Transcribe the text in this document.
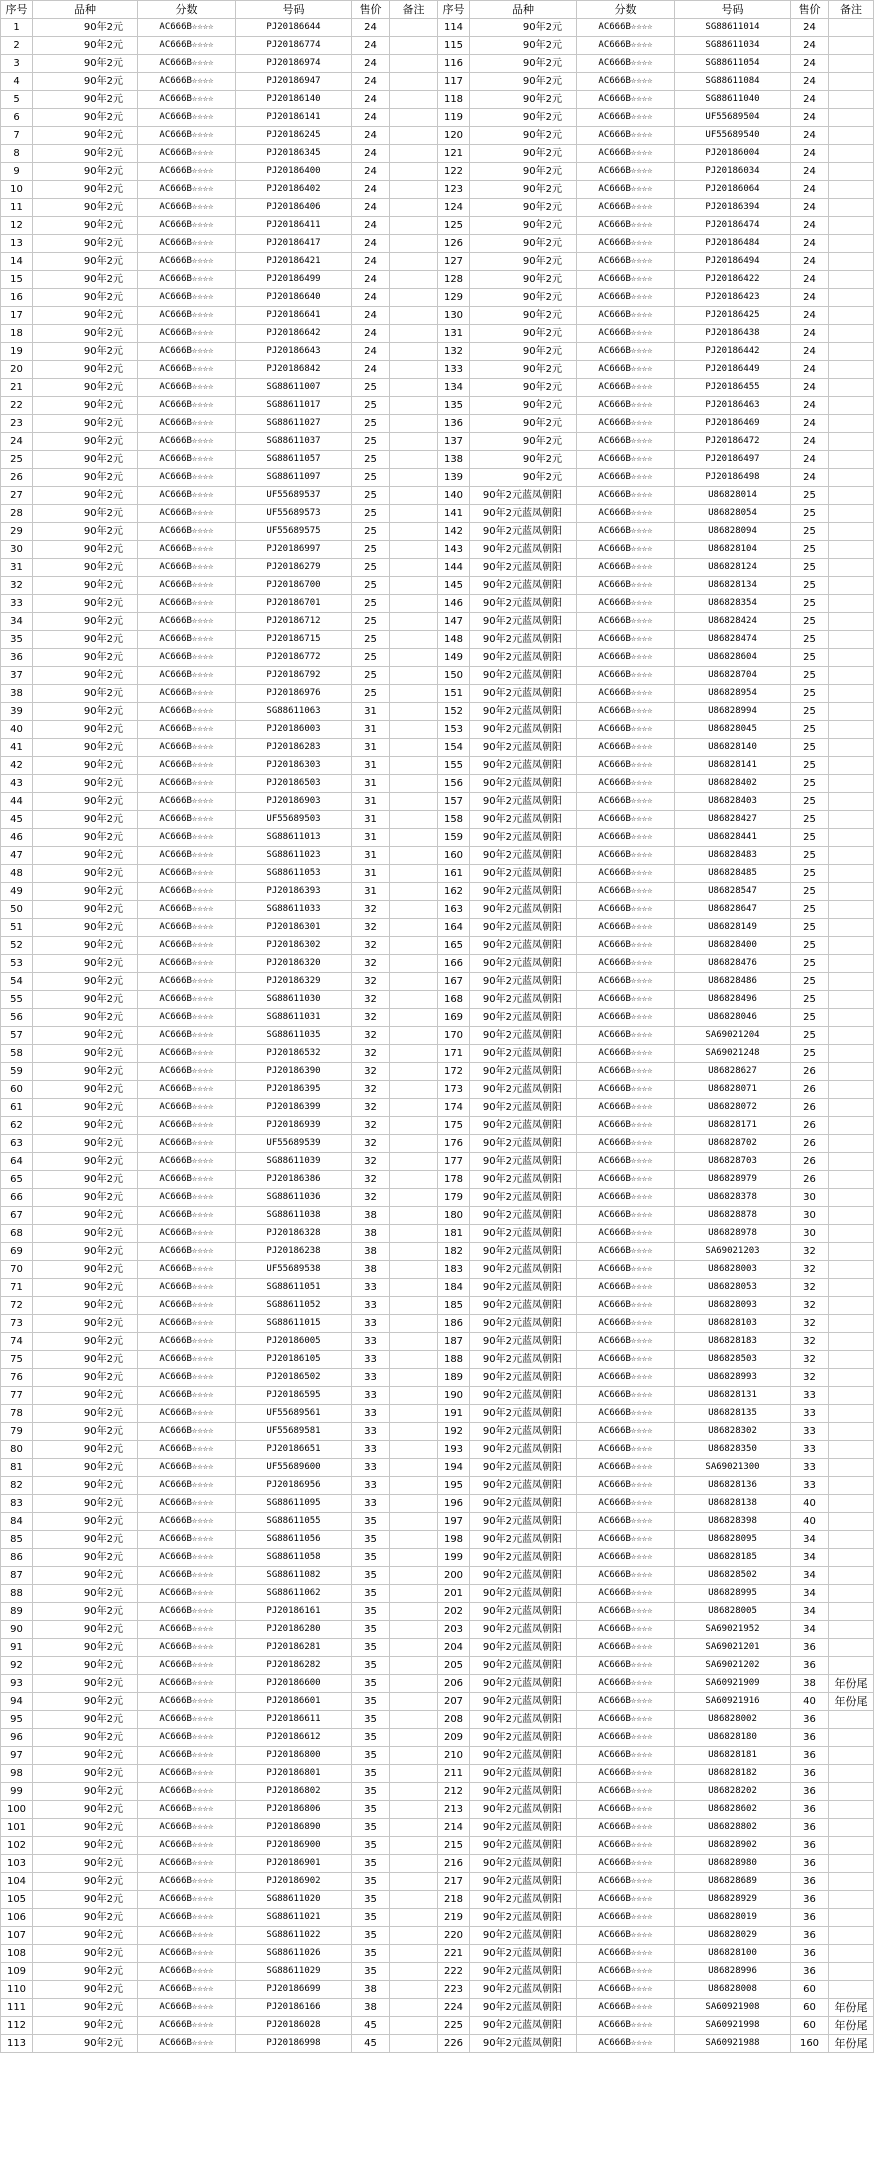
序号	品种	分数	号码	售价	备注	序号	品种	分数	号码	售价	备注
1	90年2元	AC666B☆☆☆☆	PJ20186644	24		114	90年2元	AC666B☆☆☆☆	SG88611014	24	
2	90年2元	AC666B☆☆☆☆	PJ20186774	24		115	90年2元	AC666B☆☆☆☆	SG88611034	24	
3	90年2元	AC666B☆☆☆☆	PJ20186974	24		116	90年2元	AC666B☆☆☆☆	SG88611054	24	
4	90年2元	AC666B☆☆☆☆	PJ20186947	24		117	90年2元	AC666B☆☆☆☆	SG88611084	24	
5	90年2元	AC666B☆☆☆☆	PJ20186140	24		118	90年2元	AC666B☆☆☆☆	SG88611040	24	
6	90年2元	AC666B☆☆☆☆	PJ20186141	24		119	90年2元	AC666B☆☆☆☆	UF55689504	24	
7	90年2元	AC666B☆☆☆☆	PJ20186245	24		120	90年2元	AC666B☆☆☆☆	UF55689540	24	
8	90年2元	AC666B☆☆☆☆	PJ20186345	24		121	90年2元	AC666B☆☆☆☆	PJ20186004	24	
9	90年2元	AC666B☆☆☆☆	PJ20186400	24		122	90年2元	AC666B☆☆☆☆	PJ20186034	24	
10	90年2元	AC666B☆☆☆☆	PJ20186402	24		123	90年2元	AC666B☆☆☆☆	PJ20186064	24	
11	90年2元	AC666B☆☆☆☆	PJ20186406	24		124	90年2元	AC666B☆☆☆☆	PJ20186394	24	
12	90年2元	AC666B☆☆☆☆	PJ20186411	24		125	90年2元	AC666B☆☆☆☆	PJ20186474	24	
13	90年2元	AC666B☆☆☆☆	PJ20186417	24		126	90年2元	AC666B☆☆☆☆	PJ20186484	24	
14	90年2元	AC666B☆☆☆☆	PJ20186421	24		127	90年2元	AC666B☆☆☆☆	PJ20186494	24	
15	90年2元	AC666B☆☆☆☆	PJ20186499	24		128	90年2元	AC666B☆☆☆☆	PJ20186422	24	
16	90年2元	AC666B☆☆☆☆	PJ20186640	24		129	90年2元	AC666B☆☆☆☆	PJ20186423	24	
17	90年2元	AC666B☆☆☆☆	PJ20186641	24		130	90年2元	AC666B☆☆☆☆	PJ20186425	24	
18	90年2元	AC666B☆☆☆☆	PJ20186642	24		131	90年2元	AC666B☆☆☆☆	PJ20186438	24	
19	90年2元	AC666B☆☆☆☆	PJ20186643	24		132	90年2元	AC666B☆☆☆☆	PJ20186442	24	
20	90年2元	AC666B☆☆☆☆	PJ20186842	24		133	90年2元	AC666B☆☆☆☆	PJ20186449	24	
21	90年2元	AC666B☆☆☆☆	SG88611007	25		134	90年2元	AC666B☆☆☆☆	PJ20186455	24	
22	90年2元	AC666B☆☆☆☆	SG88611017	25		135	90年2元	AC666B☆☆☆☆	PJ20186463	24	
23	90年2元	AC666B☆☆☆☆	SG88611027	25		136	90年2元	AC666B☆☆☆☆	PJ20186469	24	
24	90年2元	AC666B☆☆☆☆	SG88611037	25		137	90年2元	AC666B☆☆☆☆	PJ20186472	24	
25	90年2元	AC666B☆☆☆☆	SG88611057	25		138	90年2元	AC666B☆☆☆☆	PJ20186497	24	
26	90年2元	AC666B☆☆☆☆	SG88611097	25		139	90年2元	AC666B☆☆☆☆	PJ20186498	24	
27	90年2元	AC666B☆☆☆☆	UF55689537	25		140	90年2元蓝凤朝阳	AC666B☆☆☆☆	U86828014	25	
28	90年2元	AC666B☆☆☆☆	UF55689573	25		141	90年2元蓝凤朝阳	AC666B☆☆☆☆	U86828054	25	
29	90年2元	AC666B☆☆☆☆	UF55689575	25		142	90年2元蓝凤朝阳	AC666B☆☆☆☆	U86828094	25	
30	90年2元	AC666B☆☆☆☆	PJ20186997	25		143	90年2元蓝凤朝阳	AC666B☆☆☆☆	U86828104	25	
31	90年2元	AC666B☆☆☆☆	PJ20186279	25		144	90年2元蓝凤朝阳	AC666B☆☆☆☆	U86828124	25	
32	90年2元	AC666B☆☆☆☆	PJ20186700	25		145	90年2元蓝凤朝阳	AC666B☆☆☆☆	U86828134	25	
33	90年2元	AC666B☆☆☆☆	PJ20186701	25		146	90年2元蓝凤朝阳	AC666B☆☆☆☆	U86828354	25	
34	90年2元	AC666B☆☆☆☆	PJ20186712	25		147	90年2元蓝凤朝阳	AC666B☆☆☆☆	U86828424	25	
35	90年2元	AC666B☆☆☆☆	PJ20186715	25		148	90年2元蓝凤朝阳	AC666B☆☆☆☆	U86828474	25	
36	90年2元	AC666B☆☆☆☆	PJ20186772	25		149	90年2元蓝凤朝阳	AC666B☆☆☆☆	U86828604	25	
37	90年2元	AC666B☆☆☆☆	PJ20186792	25		150	90年2元蓝凤朝阳	AC666B☆☆☆☆	U86828704	25	
38	90年2元	AC666B☆☆☆☆	PJ20186976	25		151	90年2元蓝凤朝阳	AC666B☆☆☆☆	U86828954	25	
39	90年2元	AC666B☆☆☆☆	SG88611063	31		152	90年2元蓝凤朝阳	AC666B☆☆☆☆	U86828994	25	
40	90年2元	AC666B☆☆☆☆	PJ20186003	31		153	90年2元蓝凤朝阳	AC666B☆☆☆☆	U86828045	25	
41	90年2元	AC666B☆☆☆☆	PJ20186283	31		154	90年2元蓝凤朝阳	AC666B☆☆☆☆	U86828140	25	
42	90年2元	AC666B☆☆☆☆	PJ20186303	31		155	90年2元蓝凤朝阳	AC666B☆☆☆☆	U86828141	25	
43	90年2元	AC666B☆☆☆☆	PJ20186503	31		156	90年2元蓝凤朝阳	AC666B☆☆☆☆	U86828402	25	
44	90年2元	AC666B☆☆☆☆	PJ20186903	31		157	90年2元蓝凤朝阳	AC666B☆☆☆☆	U86828403	25	
45	90年2元	AC666B☆☆☆☆	UF55689503	31		158	90年2元蓝凤朝阳	AC666B☆☆☆☆	U86828427	25	
46	90年2元	AC666B☆☆☆☆	SG88611013	31		159	90年2元蓝凤朝阳	AC666B☆☆☆☆	U86828441	25	
47	90年2元	AC666B☆☆☆☆	SG88611023	31		160	90年2元蓝凤朝阳	AC666B☆☆☆☆	U86828483	25	
48	90年2元	AC666B☆☆☆☆	SG88611053	31		161	90年2元蓝凤朝阳	AC666B☆☆☆☆	U86828485	25	
49	90年2元	AC666B☆☆☆☆	PJ20186393	31		162	90年2元蓝凤朝阳	AC666B☆☆☆☆	U86828547	25	
50	90年2元	AC666B☆☆☆☆	SG88611033	32		163	90年2元蓝凤朝阳	AC666B☆☆☆☆	U86828647	25	
51	90年2元	AC666B☆☆☆☆	PJ20186301	32		164	90年2元蓝凤朝阳	AC666B☆☆☆☆	U86828149	25	
52	90年2元	AC666B☆☆☆☆	PJ20186302	32		165	90年2元蓝凤朝阳	AC666B☆☆☆☆	U86828400	25	
53	90年2元	AC666B☆☆☆☆	PJ20186320	32		166	90年2元蓝凤朝阳	AC666B☆☆☆☆	U86828476	25	
54	90年2元	AC666B☆☆☆☆	PJ20186329	32		167	90年2元蓝凤朝阳	AC666B☆☆☆☆	U86828486	25	
55	90年2元	AC666B☆☆☆☆	SG88611030	32		168	90年2元蓝凤朝阳	AC666B☆☆☆☆	U86828496	25	
56	90年2元	AC666B☆☆☆☆	SG88611031	32		169	90年2元蓝凤朝阳	AC666B☆☆☆☆	U86828046	25	
57	90年2元	AC666B☆☆☆☆	SG88611035	32		170	90年2元蓝凤朝阳	AC666B☆☆☆☆	SA69021204	25	
58	90年2元	AC666B☆☆☆☆	PJ20186532	32		171	90年2元蓝凤朝阳	AC666B☆☆☆☆	SA69021248	25	
59	90年2元	AC666B☆☆☆☆	PJ20186390	32		172	90年2元蓝凤朝阳	AC666B☆☆☆☆	U86828627	26	
60	90年2元	AC666B☆☆☆☆	PJ20186395	32		173	90年2元蓝凤朝阳	AC666B☆☆☆☆	U86828071	26	
61	90年2元	AC666B☆☆☆☆	PJ20186399	32		174	90年2元蓝凤朝阳	AC666B☆☆☆☆	U86828072	26	
62	90年2元	AC666B☆☆☆☆	PJ20186939	32		175	90年2元蓝凤朝阳	AC666B☆☆☆☆	U86828171	26	
63	90年2元	AC666B☆☆☆☆	UF55689539	32		176	90年2元蓝凤朝阳	AC666B☆☆☆☆	U86828702	26	
64	90年2元	AC666B☆☆☆☆	SG88611039	32		177	90年2元蓝凤朝阳	AC666B☆☆☆☆	U86828703	26	
65	90年2元	AC666B☆☆☆☆	PJ20186386	32		178	90年2元蓝凤朝阳	AC666B☆☆☆☆	U86828979	26	
66	90年2元	AC666B☆☆☆☆	SG88611036	32		179	90年2元蓝凤朝阳	AC666B☆☆☆☆	U86828378	30	
67	90年2元	AC666B☆☆☆☆	SG88611038	38		180	90年2元蓝凤朝阳	AC666B☆☆☆☆	U86828878	30	
68	90年2元	AC666B☆☆☆☆	PJ20186328	38		181	90年2元蓝凤朝阳	AC666B☆☆☆☆	U86828978	30	
69	90年2元	AC666B☆☆☆☆	PJ20186238	38		182	90年2元蓝凤朝阳	AC666B☆☆☆☆	SA69021203	32	
70	90年2元	AC666B☆☆☆☆	UF55689538	38		183	90年2元蓝凤朝阳	AC666B☆☆☆☆	U86828003	32	
71	90年2元	AC666B☆☆☆☆	SG88611051	33		184	90年2元蓝凤朝阳	AC666B☆☆☆☆	U86828053	32	
72	90年2元	AC666B☆☆☆☆	SG88611052	33		185	90年2元蓝凤朝阳	AC666B☆☆☆☆	U86828093	32	
73	90年2元	AC666B☆☆☆☆	SG88611015	33		186	90年2元蓝凤朝阳	AC666B☆☆☆☆	U86828103	32	
74	90年2元	AC666B☆☆☆☆	PJ20186005	33		187	90年2元蓝凤朝阳	AC666B☆☆☆☆	U86828183	32	
75	90年2元	AC666B☆☆☆☆	PJ20186105	33		188	90年2元蓝凤朝阳	AC666B☆☆☆☆	U86828503	32	
76	90年2元	AC666B☆☆☆☆	PJ20186502	33		189	90年2元蓝凤朝阳	AC666B☆☆☆☆	U86828993	32	
77	90年2元	AC666B☆☆☆☆	PJ20186595	33		190	90年2元蓝凤朝阳	AC666B☆☆☆☆	U86828131	33	
78	90年2元	AC666B☆☆☆☆	UF55689561	33		191	90年2元蓝凤朝阳	AC666B☆☆☆☆	U86828135	33	
79	90年2元	AC666B☆☆☆☆	UF55689581	33		192	90年2元蓝凤朝阳	AC666B☆☆☆☆	U86828302	33	
80	90年2元	AC666B☆☆☆☆	PJ20186651	33		193	90年2元蓝凤朝阳	AC666B☆☆☆☆	U86828350	33	
81	90年2元	AC666B☆☆☆☆	UF55689600	33		194	90年2元蓝凤朝阳	AC666B☆☆☆☆	SA69021300	33	
82	90年2元	AC666B☆☆☆☆	PJ20186956	33		195	90年2元蓝凤朝阳	AC666B☆☆☆☆	U86828136	33	
83	90年2元	AC666B☆☆☆☆	SG88611095	33		196	90年2元蓝凤朝阳	AC666B☆☆☆☆	U86828138	40	
84	90年2元	AC666B☆☆☆☆	SG88611055	35		197	90年2元蓝凤朝阳	AC666B☆☆☆☆	U86828398	40	
85	90年2元	AC666B☆☆☆☆	SG88611056	35		198	90年2元蓝凤朝阳	AC666B☆☆☆☆	U86828095	34	
86	90年2元	AC666B☆☆☆☆	SG88611058	35		199	90年2元蓝凤朝阳	AC666B☆☆☆☆	U86828185	34	
87	90年2元	AC666B☆☆☆☆	SG88611082	35		200	90年2元蓝凤朝阳	AC666B☆☆☆☆	U86828502	34	
88	90年2元	AC666B☆☆☆☆	SG88611062	35		201	90年2元蓝凤朝阳	AC666B☆☆☆☆	U86828995	34	
89	90年2元	AC666B☆☆☆☆	PJ20186161	35		202	90年2元蓝凤朝阳	AC666B☆☆☆☆	U86828005	34	
90	90年2元	AC666B☆☆☆☆	PJ20186280	35		203	90年2元蓝凤朝阳	AC666B☆☆☆☆	SA69021952	34	
91	90年2元	AC666B☆☆☆☆	PJ20186281	35		204	90年2元蓝凤朝阳	AC666B☆☆☆☆	SA69021201	36	
92	90年2元	AC666B☆☆☆☆	PJ20186282	35		205	90年2元蓝凤朝阳	AC666B☆☆☆☆	SA69021202	36	
93	90年2元	AC666B☆☆☆☆	PJ20186600	35		206	90年2元蓝凤朝阳	AC666B☆☆☆☆	SA60921909	38	年份尾
94	90年2元	AC666B☆☆☆☆	PJ20186601	35		207	90年2元蓝凤朝阳	AC666B☆☆☆☆	SA60921916	40	年份尾
95	90年2元	AC666B☆☆☆☆	PJ20186611	35		208	90年2元蓝凤朝阳	AC666B☆☆☆☆	U86828002	36	
96	90年2元	AC666B☆☆☆☆	PJ20186612	35		209	90年2元蓝凤朝阳	AC666B☆☆☆☆	U86828180	36	
97	90年2元	AC666B☆☆☆☆	PJ20186800	35		210	90年2元蓝凤朝阳	AC666B☆☆☆☆	U86828181	36	
98	90年2元	AC666B☆☆☆☆	PJ20186801	35		211	90年2元蓝凤朝阳	AC666B☆☆☆☆	U86828182	36	
99	90年2元	AC666B☆☆☆☆	PJ20186802	35		212	90年2元蓝凤朝阳	AC666B☆☆☆☆	U86828202	36	
100	90年2元	AC666B☆☆☆☆	PJ20186806	35		213	90年2元蓝凤朝阳	AC666B☆☆☆☆	U86828602	36	
101	90年2元	AC666B☆☆☆☆	PJ20186890	35		214	90年2元蓝凤朝阳	AC666B☆☆☆☆	U86828802	36	
102	90年2元	AC666B☆☆☆☆	PJ20186900	35		215	90年2元蓝凤朝阳	AC666B☆☆☆☆	U86828902	36	
103	90年2元	AC666B☆☆☆☆	PJ20186901	35		216	90年2元蓝凤朝阳	AC666B☆☆☆☆	U86828980	36	
104	90年2元	AC666B☆☆☆☆	PJ20186902	35		217	90年2元蓝凤朝阳	AC666B☆☆☆☆	U86828689	36	
105	90年2元	AC666B☆☆☆☆	SG88611020	35		218	90年2元蓝凤朝阳	AC666B☆☆☆☆	U86828929	36	
106	90年2元	AC666B☆☆☆☆	SG88611021	35		219	90年2元蓝凤朝阳	AC666B☆☆☆☆	U86828019	36	
107	90年2元	AC666B☆☆☆☆	SG88611022	35		220	90年2元蓝凤朝阳	AC666B☆☆☆☆	U86828029	36	
108	90年2元	AC666B☆☆☆☆	SG88611026	35		221	90年2元蓝凤朝阳	AC666B☆☆☆☆	U86828100	36	
109	90年2元	AC666B☆☆☆☆	SG88611029	35		222	90年2元蓝凤朝阳	AC666B☆☆☆☆	U86828996	36	
110	90年2元	AC666B☆☆☆☆	PJ20186699	38		223	90年2元蓝凤朝阳	AC666B☆☆☆☆	U86828008	60	
111	90年2元	AC666B☆☆☆☆	PJ20186166	38		224	90年2元蓝凤朝阳	AC666B☆☆☆☆	SA60921908	60	年份尾
112	90年2元	AC666B☆☆☆☆	PJ20186028	45		225	90年2元蓝凤朝阳	AC666B☆☆☆☆	SA60921998	60	年份尾
113	90年2元	AC666B☆☆☆☆	PJ20186998	45		226	90年2元蓝凤朝阳	AC666B☆☆☆☆	SA60921988	160	年份尾
